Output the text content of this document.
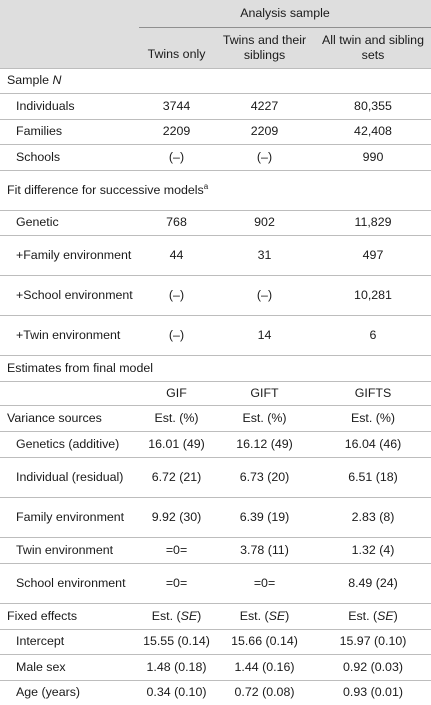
	Analysis sample		
	Twins only	Twins and their siblings	All twin and sibling sets
Sample N			
Individuals	3744	4227	80,355
Families	2209	2209	42,408
Schools	(–)	(–)	990
Fit difference for successive models$^a$
Genetic	768	902	11,829
+Family environment	44	31	497
+School environment	(–)	(–)	10,281
+Twin environment	(–)	14	6
Estimates from final model			
	GIF	GIFT	GIFTS
Variance sources	Est. (%)	Est. (%)	Est. (%)
Genetics (additive)	16.01 (49)	16.12 (49)	16.04 (46)
Individual (residual)	6.72 (21)	6.73 (20)	6.51 (18)
Family environment	9.92 (30)	6.39 (19)	2.83 (8)
Twin environment	=0=	3.78 (11)	1.32 (4)
School environment	=0=	=0=	8.49 (24)
Fixed effects	Est. (SE)	Est. (SE)	Est. (SE)
Intercept	15.55 (0.14)	15.66 (0.14)	15.97 (0.10)
Male sex	1.48 (0.18)	1.44 (0.16)	0.92 (0.03)
Age (years)	0.34 (0.10)	0.72 (0.08)	0.93 (0.01)
